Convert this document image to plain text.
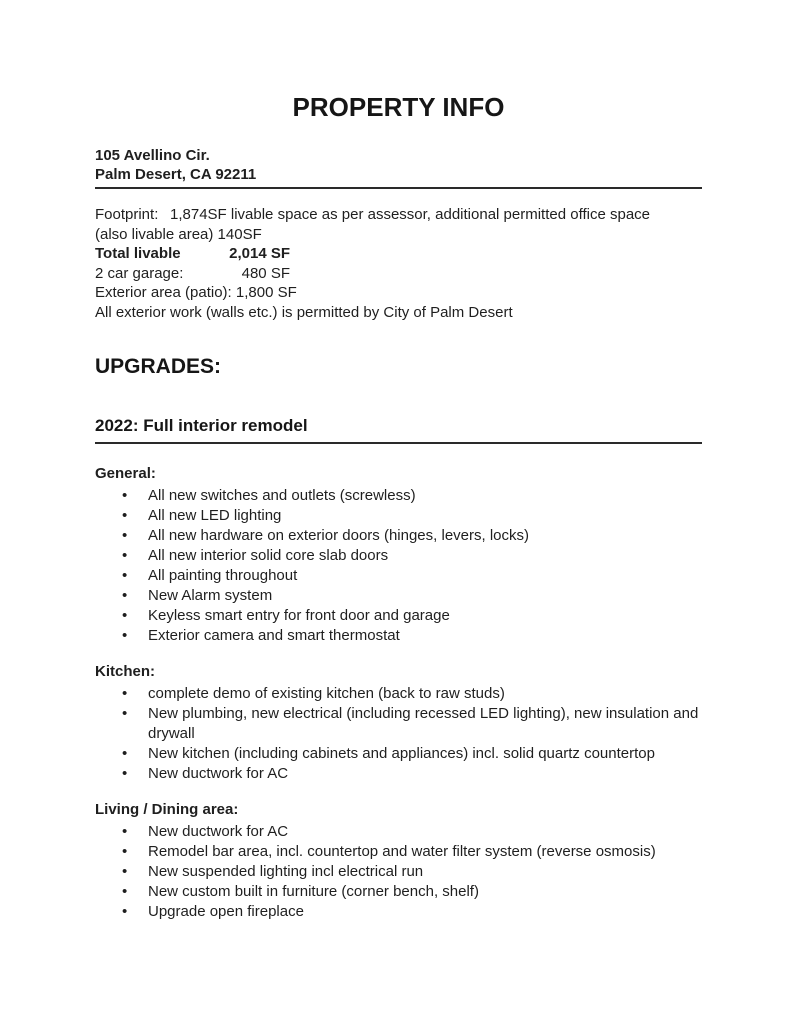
PROPERTY INFO
105 Avellino Cir.
Palm Desert, CA 92211

Footprint: 1,874SF livable space as per assessor, additional permitted office space

(also livable area) 140SF

Total livable	2,014 SF

2 car garage:	480 SF

Exterior area (patio): 1,800 SF

All exterior work (walls etc.) is permitted by City of Palm Desert

UPGRADES:
2022: Full interior remodel

General:

• All new switches and outlets (screwless)
• All new LED lighting
• All new hardware on exterior doors (hinges, levers, locks)
• All new interior solid core slab doors
• All painting throughout
• New Alarm system
• Keyless smart entry for front door and garage
• Exterior camera and smart thermostat

Kitchen:

• complete demo of existing kitchen (back to raw studs)
• New plumbing, new electrical (including recessed LED lighting), new insulation and drywall
• New kitchen (including cabinets and appliances) incl. solid quartz countertop
• New ductwork for AC

Living / Dining area:

• New ductwork for AC
• Remodel bar area, incl. countertop and water filter system (reverse osmosis)
• New suspended lighting incl electrical run
• New custom built in furniture (corner bench, shelf)
• Upgrade open fireplace
